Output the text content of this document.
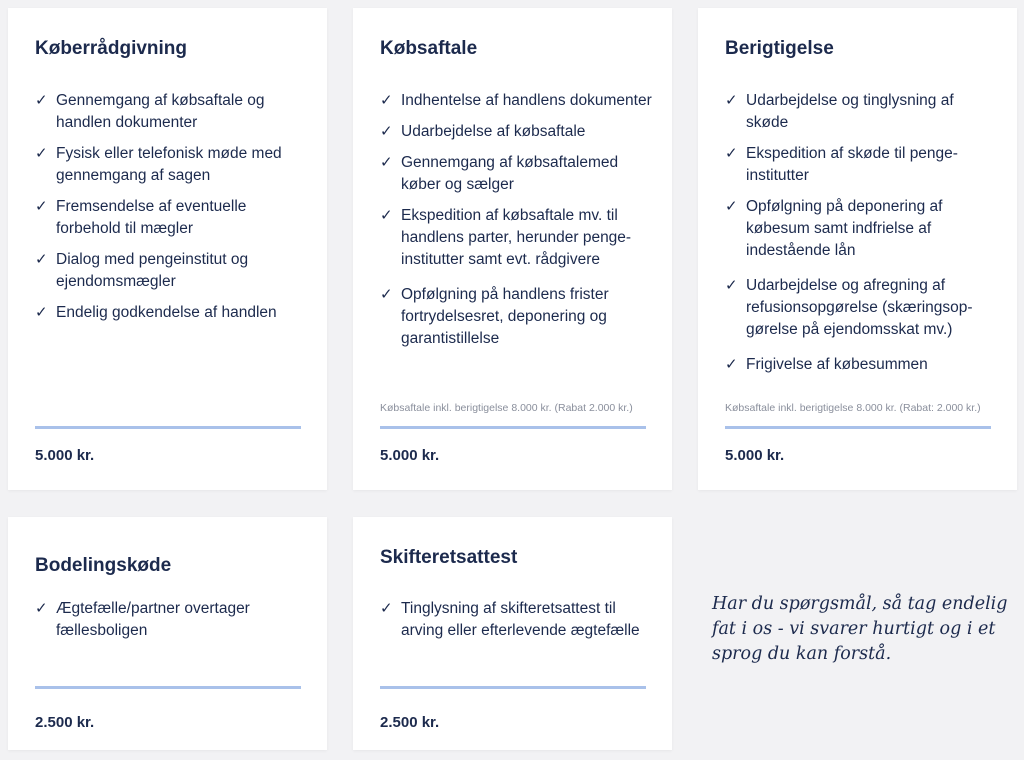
Køberrådgivning
✓ Gennemgang af købsaftale og handlen dokumenter
✓ Fysisk eller telefonisk møde med gennemgang af sagen
✓ Fremsendelse af eventuelle forbehold til mægler
✓ Dialog med pengeinstitut og ejendomsmægler
✓ Endelig godkendelse af handlen
5.000 kr.
Købsaftale
✓ Indhentelse af handlens dokumenter
✓ Udarbejdelse af købsaftale
✓ Gennemgang af købsaftalemed køber og sælger
✓ Ekspedition af købsaftale mv. til handlens parter, herunder penge-institutter samt evt. rådgivere
✓ Opfølgning på handlens frister fortrydelsesret, deponering og garantistillelse
Købsaftale inkl. berigtigelse 8.000 kr. (Rabat 2.000 kr.)
5.000 kr.
Berigtigelse
✓ Udarbejdelse og tinglysning af skøde
✓ Ekspedition af skøde til penge-institutter
✓ Opfølgning på deponering af købesum samt indfrielse af indestående lån
✓ Udarbejdelse og afregning af refusionsopgørelse (skæringsop-gørelse på ejendomsskat mv.)
✓ Frigivelse af købesummen
Købsaftale inkl. berigtigelse 8.000 kr. (Rabat: 2.000 kr.)
5.000 kr.
Bodelingskøde
✓ Ægtefælle/partner overtager fællesboligen
2.500 kr.
Skifteretsattest
✓ Tinglysning af skifteretsattest til arving eller efterlevende ægtefælle
2.500 kr.
Har du spørgsmål, så tag endelig fat i os - vi svarer hurtigt og i et sprog du kan forstå.
